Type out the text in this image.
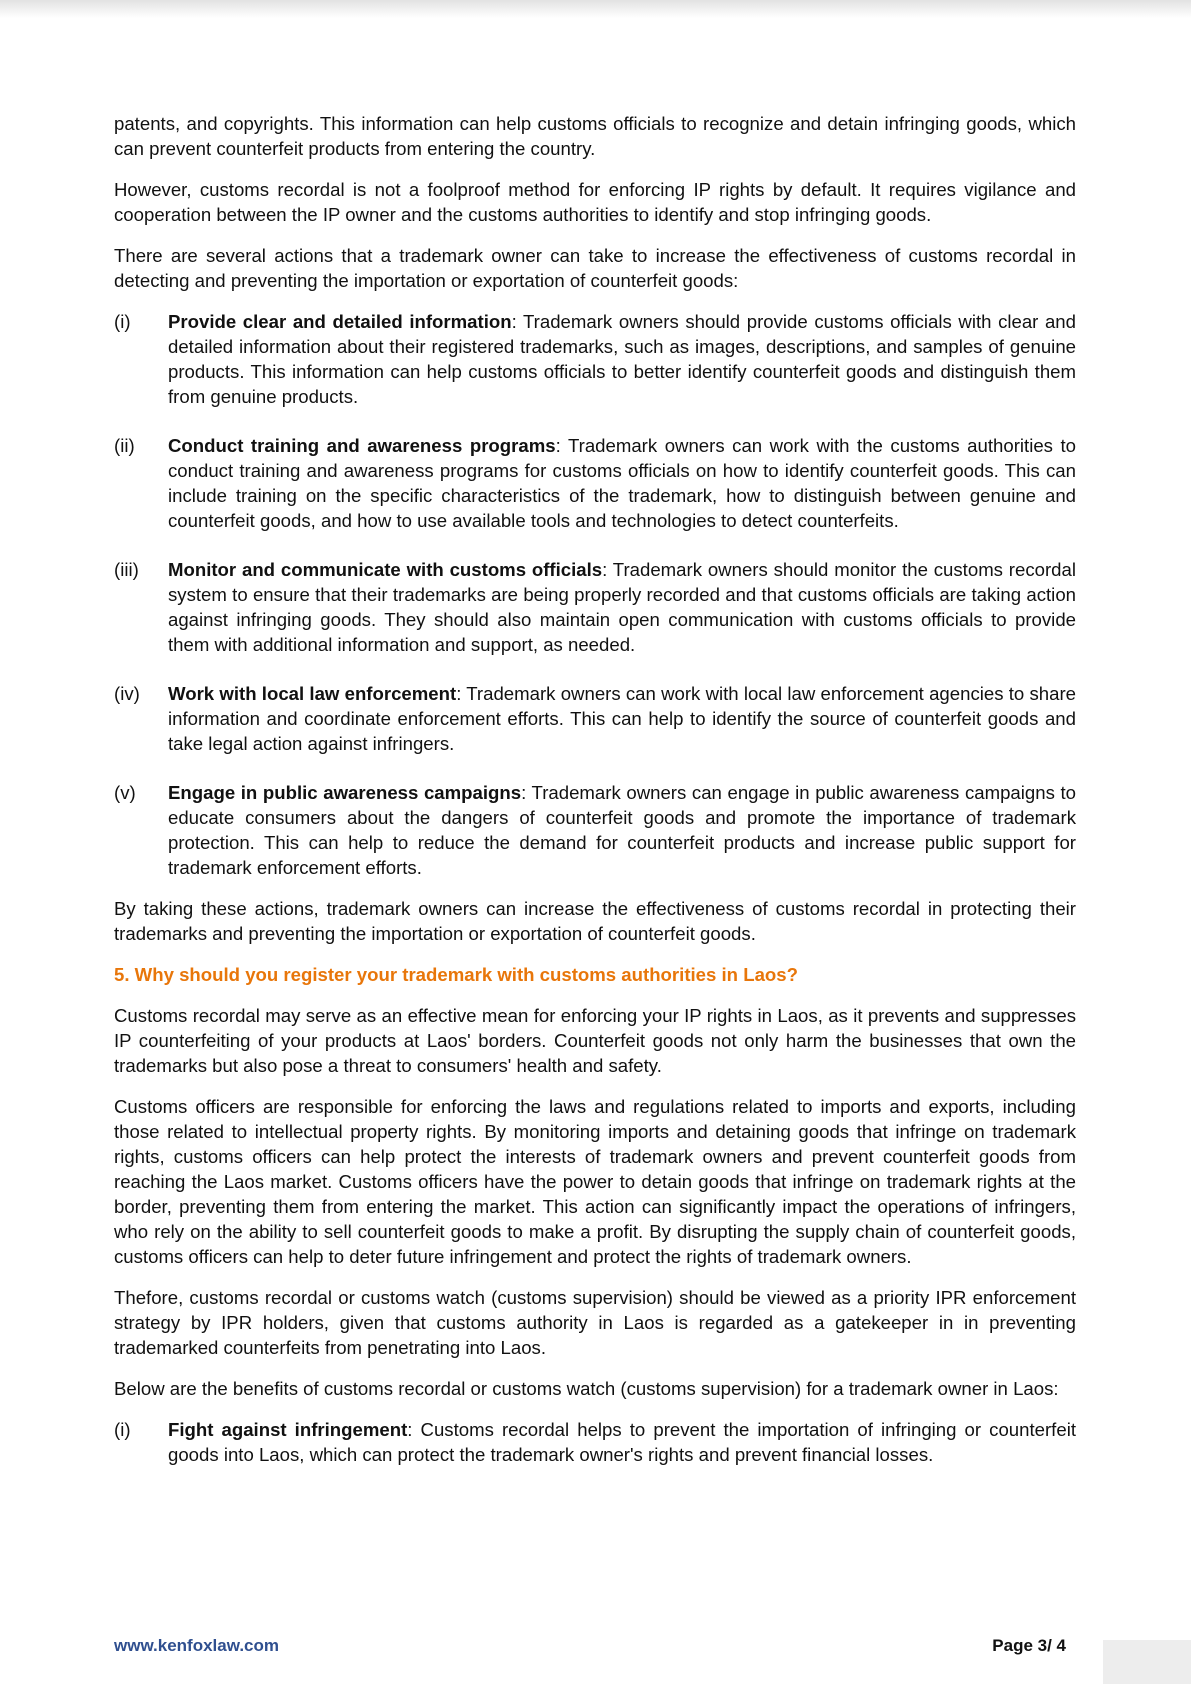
patents, and copyrights. This information can help customs officials to recognize and detain infringing goods, which can prevent counterfeit products from entering the country.

However, customs recordal is not a foolproof method for enforcing IP rights by default. It requires vigilance and cooperation between the IP owner and the customs authorities to identify and stop infringing goods.

There are several actions that a trademark owner can take to increase the effectiveness of customs recordal in detecting and preventing the importation or exportation of counterfeit goods:

(i)	Provide clear and detailed information: Trademark owners should provide customs officials with clear and detailed information about their registered trademarks, such as images, descriptions, and samples of genuine products. This information can help customs officials to better identify counterfeit goods and distinguish them from genuine products.
(ii)	Conduct training and awareness programs: Trademark owners can work with the customs authorities to conduct training and awareness programs for customs officials on how to identify counterfeit goods. This can include training on the specific characteristics of the trademark, how to distinguish between genuine and counterfeit goods, and how to use available tools and technologies to detect counterfeits.
(iii)	Monitor and communicate with customs officials: Trademark owners should monitor the customs recordal system to ensure that their trademarks are being properly recorded and that customs officials are taking action against infringing goods. They should also maintain open communication with customs officials to provide them with additional information and support, as needed.
(iv)	Work with local law enforcement: Trademark owners can work with local law enforcement agencies to share information and coordinate enforcement efforts. This can help to identify the source of counterfeit goods and take legal action against infringers.
(v)	Engage in public awareness campaigns: Trademark owners can engage in public awareness campaigns to educate consumers about the dangers of counterfeit goods and promote the importance of trademark protection. This can help to reduce the demand for counterfeit products and increase public support for trademark enforcement efforts.

By taking these actions, trademark owners can increase the effectiveness of customs recordal in protecting their trademarks and preventing the importation or exportation of counterfeit goods.

5. Why should you register your trademark with customs authorities in Laos?

Customs recordal may serve as an effective mean for enforcing your IP rights in Laos, as it prevents and suppresses IP counterfeiting of your products at Laos' borders. Counterfeit goods not only harm the businesses that own the trademarks but also pose a threat to consumers' health and safety.

Customs officers are responsible for enforcing the laws and regulations related to imports and exports, including those related to intellectual property rights. By monitoring imports and detaining goods that infringe on trademark rights, customs officers can help protect the interests of trademark owners and prevent counterfeit goods from reaching the Laos market. Customs officers have the power to detain goods that infringe on trademark rights at the border, preventing them from entering the market. This action can significantly impact the operations of infringers, who rely on the ability to sell counterfeit goods to make a profit. By disrupting the supply chain of counterfeit goods, customs officers can help to deter future infringement and protect the rights of trademark owners.

Thefore, customs recordal or customs watch (customs supervision) should be viewed as a priority IPR enforcement strategy by IPR holders, given that customs authority in Laos is regarded as a gatekeeper in in preventing trademarked counterfeits from penetrating into Laos.

Below are the benefits of customs recordal or customs watch (customs supervision) for a trademark owner in Laos:

(i)	Fight against infringement: Customs recordal helps to prevent the importation of infringing or counterfeit goods into Laos, which can protect the trademark owner's rights and prevent financial losses.
www.kenfoxlaw.com	Page 3/ 4
